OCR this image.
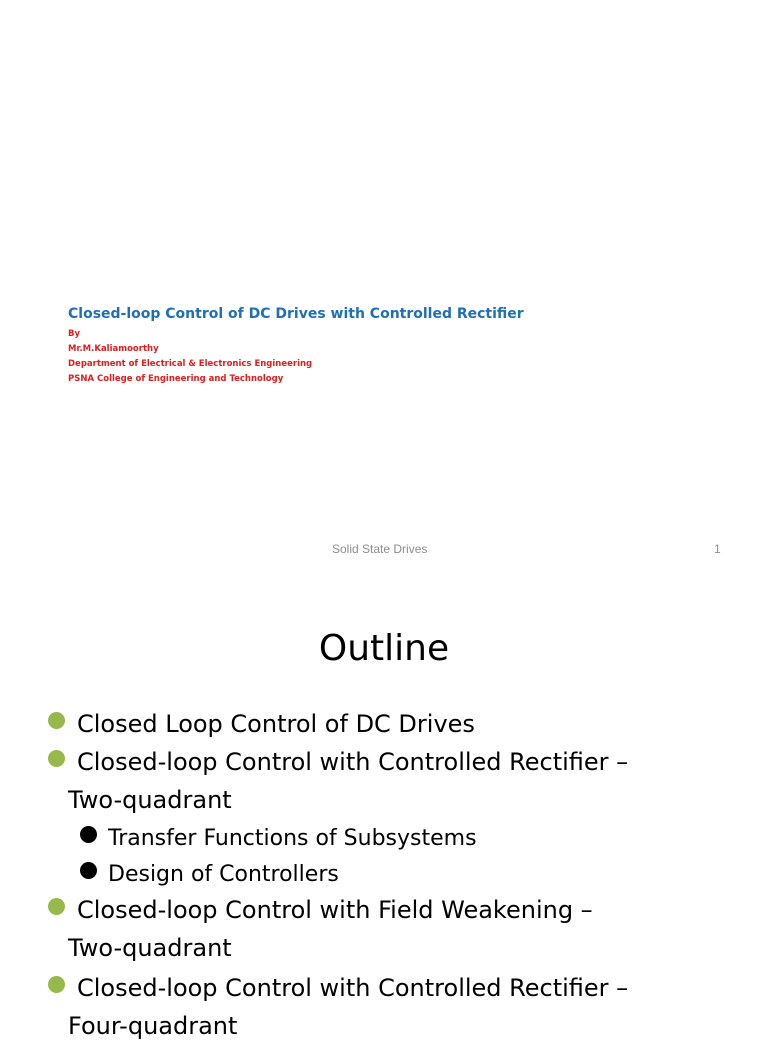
Closed-loop Control of DC Drives with Controlled Rectifier
By
Mr.M.Kaliamoorthy
Department of Electrical & Electronics Engineering
PSNA College of Engineering and Technology
Solid State Drives	1
Outline
Closed Loop Control of DC Drives
Closed-loop Control with Controlled Rectifier –
Two-quadrant
Transfer Functions of Subsystems
Design of Controllers
Closed-loop Control with Field Weakening –
Two-quadrant
Closed-loop Control with Controlled Rectifier –
Four-quadrant
